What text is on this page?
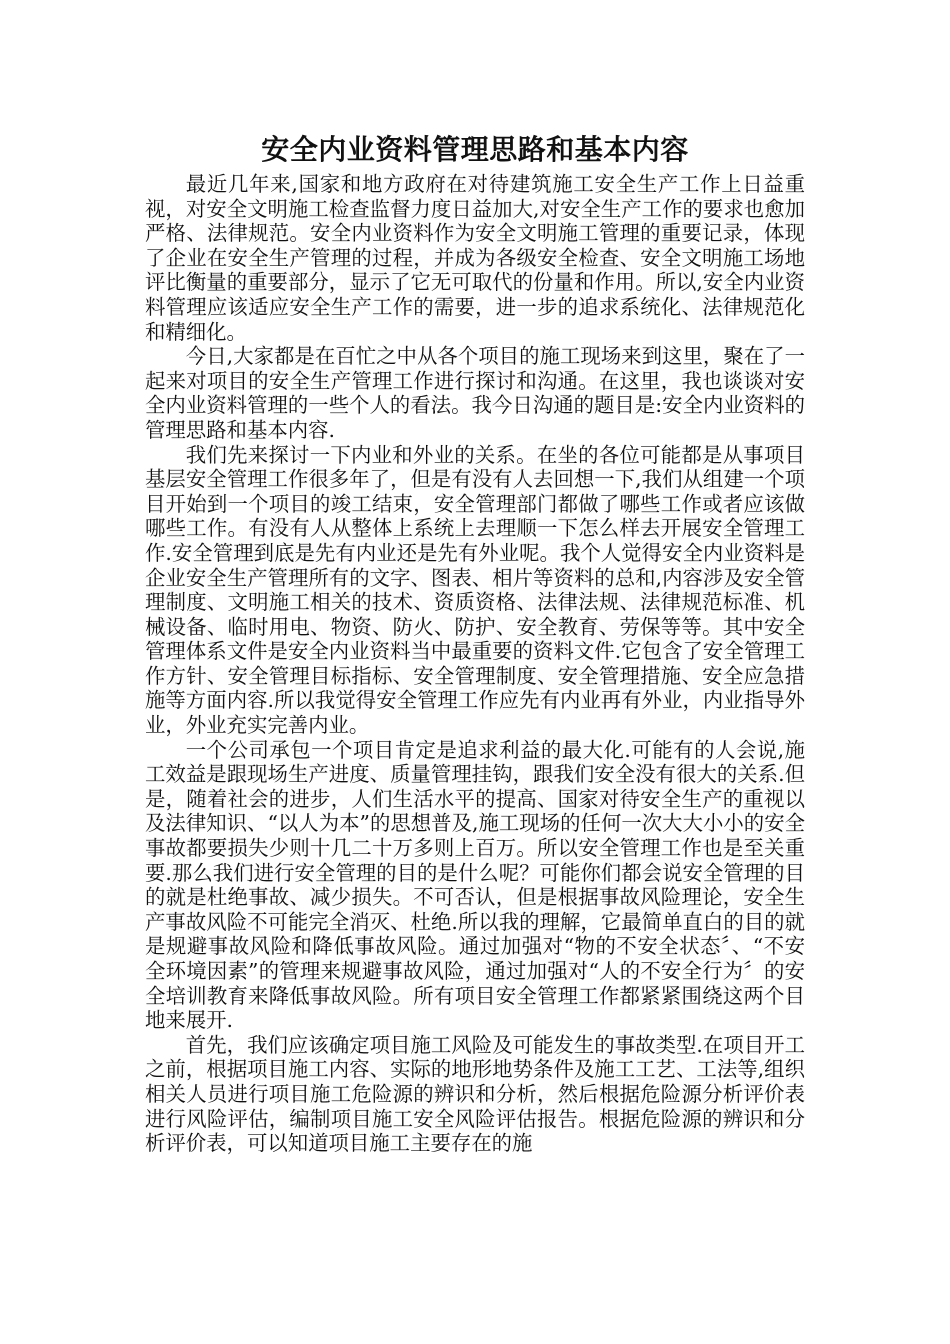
安全内业资料管理思路和基本内容

最近几年来,国家和地方政府在对待建筑施工安全生产工作上日益重视，对安全文明施工检查监督力度日益加大,对安全生产工作的要求也愈加严格、法律规范。安全内业资料作为安全文明施工管理的重要记录，体现了企业在安全生产管理的过程，并成为各级安全检查、安全文明施工场地评比衡量的重要部分，显示了它无可取代的份量和作用。所以,安全内业资料管理应该适应安全生产工作的需要，进一步的追求系统化、法律规范化和精细化。

今日,大家都是在百忙之中从各个项目的施工现场来到这里，聚在了一起来对项目的安全生产管理工作进行探讨和沟通。在这里，我也谈谈对安全内业资料管理的一些个人的看法。我今日沟通的题目是:安全内业资料的管理思路和基本内容.

我们先来探讨一下内业和外业的关系。在坐的各位可能都是从事项目基层安全管理工作很多年了，但是有没有人去回想一下,我们从组建一个项目开始到一个项目的竣工结束，安全管理部门都做了哪些工作或者应该做哪些工作。有没有人从整体上系统上去理顺一下怎么样去开展安全管理工作.安全管理到底是先有内业还是先有外业呢。我个人觉得安全内业资料是企业安全生产管理所有的文字、图表、相片等资料的总和,内容涉及安全管理制度、文明施工相关的技术、资质资格、法律法规、法律规范标准、机械设备、临时用电、物资、防火、防护、安全教育、劳保等等。其中安全管理体系文件是安全内业资料当中最重要的资料文件.它包含了安全管理工作方针、安全管理目标指标、安全管理制度、安全管理措施、安全应急措施等方面内容.所以我觉得安全管理工作应先有内业再有外业，内业指导外业，外业充实完善内业。

一个公司承包一个项目肯定是追求利益的最大化.可能有的人会说,施工效益是跟现场生产进度、质量管理挂钩，跟我们安全没有很大的关系.但是，随着社会的进步，人们生活水平的提高、国家对待安全生产的重视以及法律知识、“以人为本”的思想普及,施工现场的任何一次大大小小的安全事故都要损失少则十几二十万多则上百万。所以安全管理工作也是至关重要.那么我们进行安全管理的目的是什么呢？可能你们都会说安全管理的目的就是杜绝事故、减少损失。不可否认，但是根据事故风险理论，安全生产事故风险不可能完全消灭、杜绝.所以我的理解，它最简单直白的目的就是规避事故风险和降低事故风险。通过加强对“物的不安全状态〞、“不安全环境因素”的管理来规避事故风险，通过加强对“人的不安全行为〞的安全培训教育来降低事故风险。所有项目安全管理工作都紧紧围绕这两个目地来展开.

首先，我们应该确定项目施工风险及可能发生的事故类型.在项目开工之前，根据项目施工内容、实际的地形地势条件及施工工艺、工法等,组织相关人员进行项目施工危险源的辨识和分析，然后根据危险源分析评价表进行风险评估，编制项目施工安全风险评估报告。根据危险源的辨识和分析评价表，可以知道项目施工主要存在的施
